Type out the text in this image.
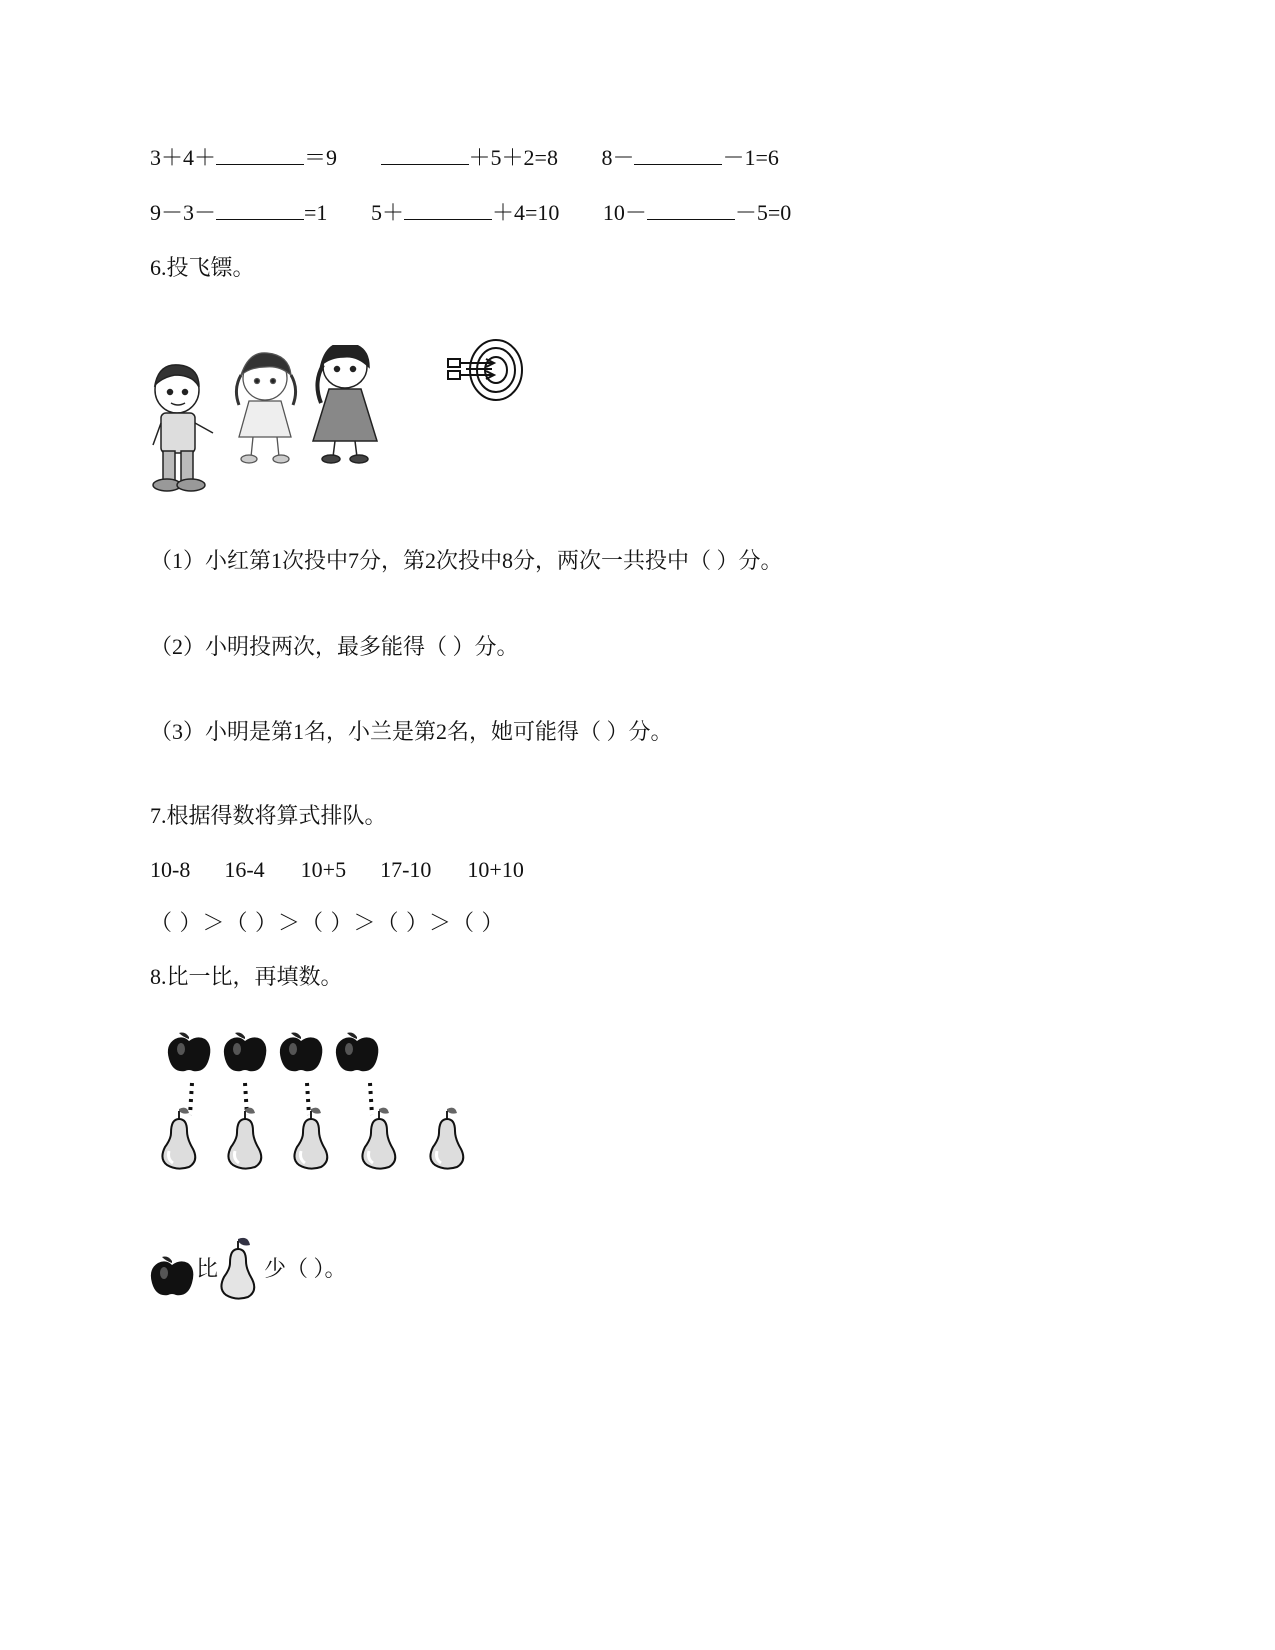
3＋4＋	＝9	＋5＋2=8 8－	－1=6
9－3－	=1 5＋	＋4=10 10－	－5=0
6.投飞镖。
（1）小红第1次投中7分，第2次投中8分，两次一共投中（ ）分。
（2）小明投两次，最多能得（ ）分。
（3）小明是第1名，小兰是第2名，她可能得（ ）分。
7.根据得数将算式排队。
10-8 16-4 10+5 17-10 10+10
（ ）＞（ ）＞（ ）＞（ ）＞（ ）
8.比一比，再填数。
比 少（ ）。
